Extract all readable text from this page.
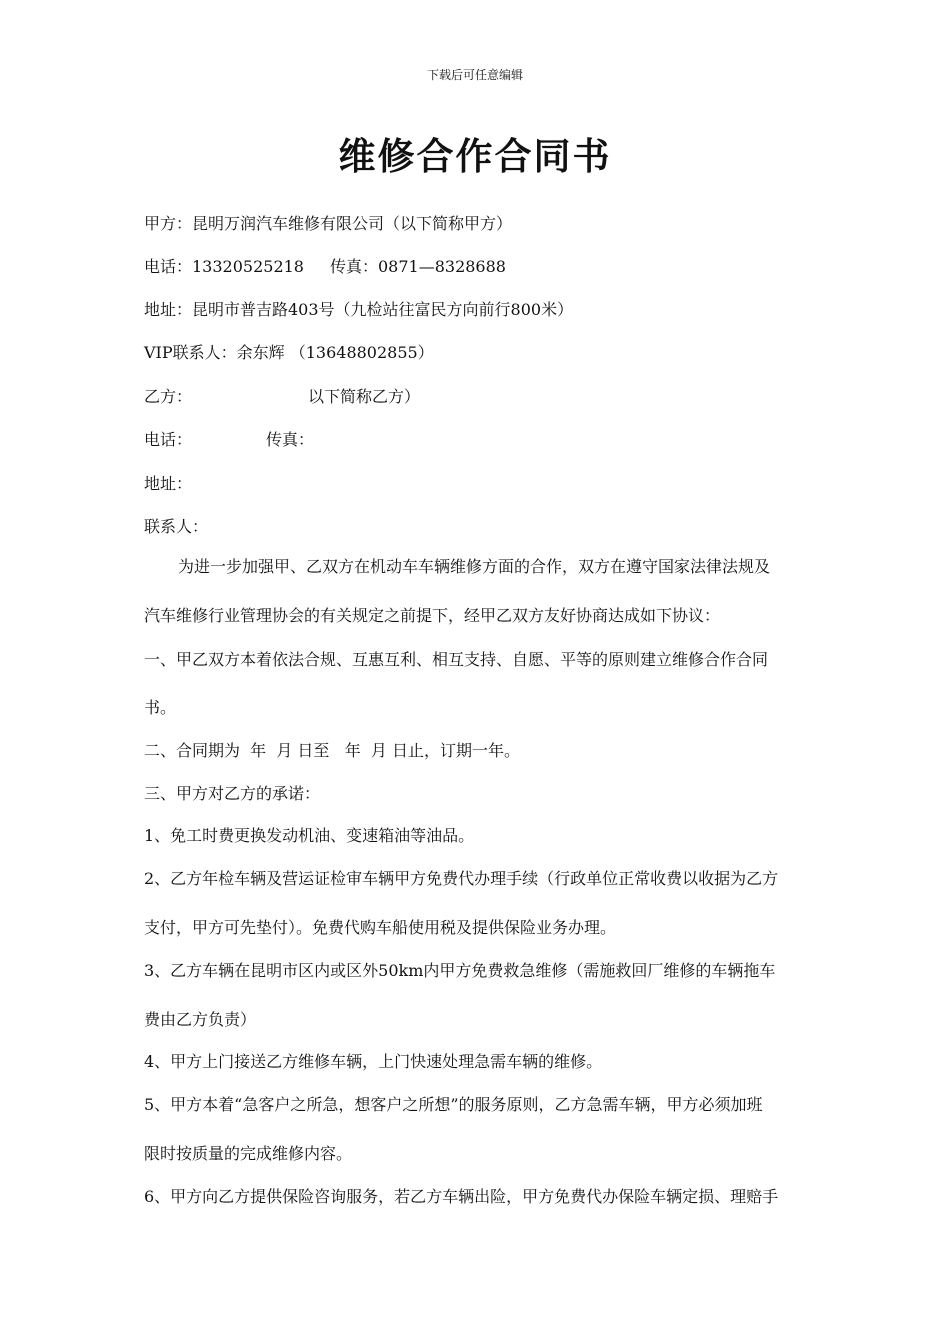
下载后可任意编辑
维修合作合同书
甲方：昆明万润汽车维修有限公司（以下简称甲方）
电话：13320525218 传真：0871—8328688
地址：昆明市普吉路403号（九检站往富民方向前行800米）
VIP联系人：余东辉 （13648802855）
乙方：	以下简称乙方）
电话：	传真：
地址：
联系人：
为进一步加强甲、乙双方在机动车车辆维修方面的合作，双方在遵守国家法律法规及
汽车维修行业管理协会的有关规定之前提下，经甲乙双方友好协商达成如下协议：
一、甲乙双方本着依法合规、互惠互利、相互支持、自愿、平等的原则建立维修合作合同
书。
二、合同期为  年  月 日至   年  月 日止，订期一年。
三、甲方对乙方的承诺：
1、免工时费更换发动机油、变速箱油等油品。
2、乙方年检车辆及营运证检审车辆甲方免费代办理手续（行政单位正常收费以收据为乙方
支付，甲方可先垫付）。免费代购车船使用税及提供保险业务办理。
3、乙方车辆在昆明市区内或区外50km内甲方免费救急维修（需施救回厂维修的车辆拖车
费由乙方负责）
4、甲方上门接送乙方维修车辆，上门快速处理急需车辆的维修。
5、甲方本着“急客户之所急，想客户之所想”的服务原则，乙方急需车辆，甲方必须加班
限时按质量的完成维修内容。
6、甲方向乙方提供保险咨询服务，若乙方车辆出险，甲方免费代办保险车辆定损、理赔手
